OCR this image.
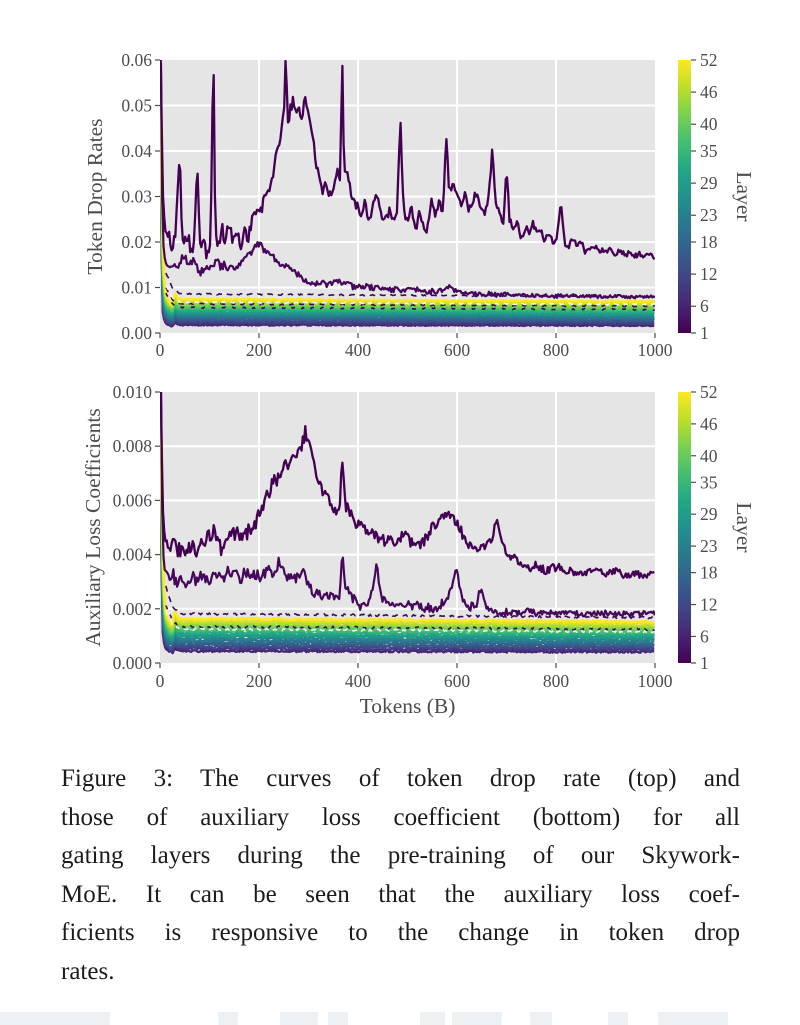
0	200	400	600	800	1000
0.00
0.01
0.02
0.03
0.04
0.05
0.06
Token Drop Rates
1
6
12
18
23
29
35
40
46
52
Layer
0	200	400	600	800	1000
0.000
0.002
0.004
0.006
0.008
0.010
Auxiliary Loss Coefficients
Tokens (B)
1
6
12
18
23
29
35
40
46
52
Layer
Figure 3: The curves of token drop rate (top) and
those of auxiliary loss coefficient (bottom) for all
gating layers during the pre-training of our Skywork-
MoE. It can be seen that the auxiliary loss coef-
ficients is responsive to the change in token drop
rates.
